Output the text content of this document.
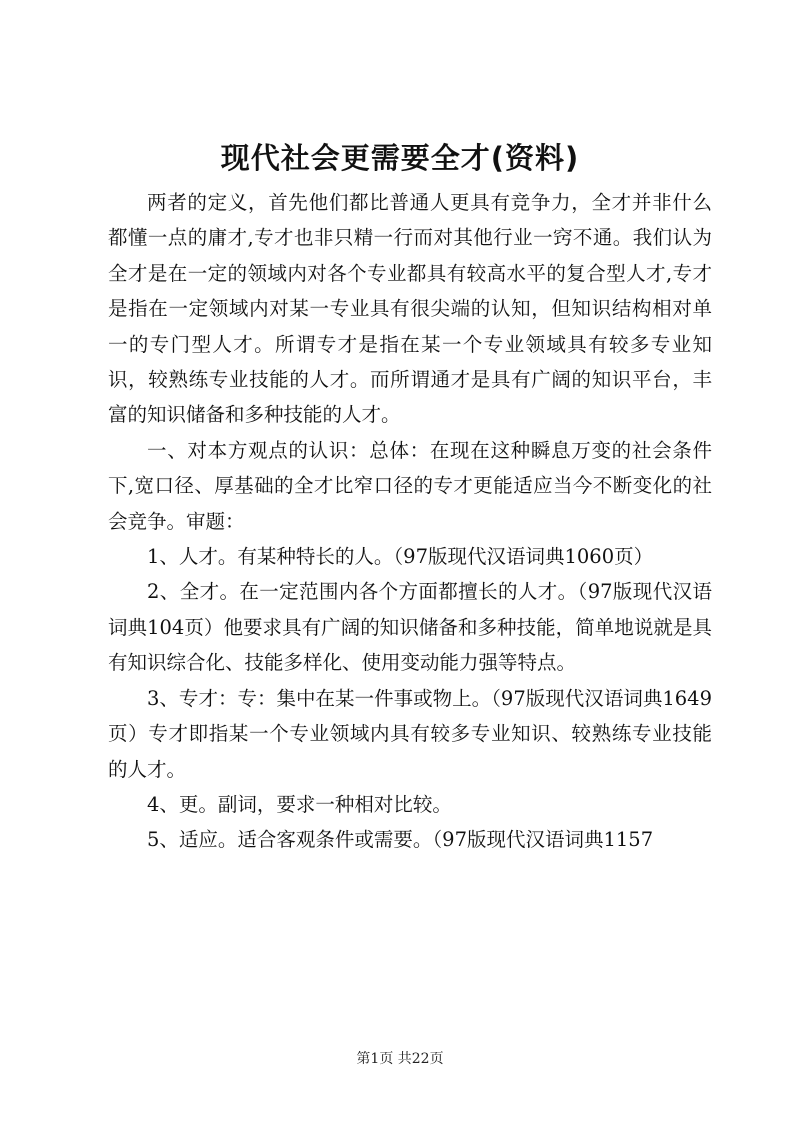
现代社会更需要全才(资料)

两者的定义，首先他们都比普通人更具有竞争力，全才并非什么都懂一点的庸才,专才也非只精一行而对其他行业一窍不通。我们认为全才是在一定的领域内对各个专业都具有较高水平的复合型人才,专才是指在一定领域内对某一专业具有很尖端的认知，但知识结构相对单一的专门型人才。所谓专才是指在某一个专业领域具有较多专业知识，较熟练专业技能的人才。而所谓通才是具有广阔的知识平台，丰富的知识储备和多种技能的人才。

一、对本方观点的认识：总体：在现在这种瞬息万变的社会条件下,宽口径、厚基础的全才比窄口径的专才更能适应当今不断变化的社会竞争。审题：

1、人才。有某种特长的人。（97版现代汉语词典1060页）

2、全才。在一定范围内各个方面都擅长的人才。（97版现代汉语词典104页）他要求具有广阔的知识储备和多种技能，简单地说就是具有知识综合化、技能多样化、使用变动能力强等特点。

3、专才：专：集中在某一件事或物上。（97版现代汉语词典1649页）专才即指某一个专业领域内具有较多专业知识、较熟练专业技能的人才。

4、更。副词，要求一种相对比较。

5、适应。适合客观条件或需要。（97版现代汉语词典1157

第1页 共22页
